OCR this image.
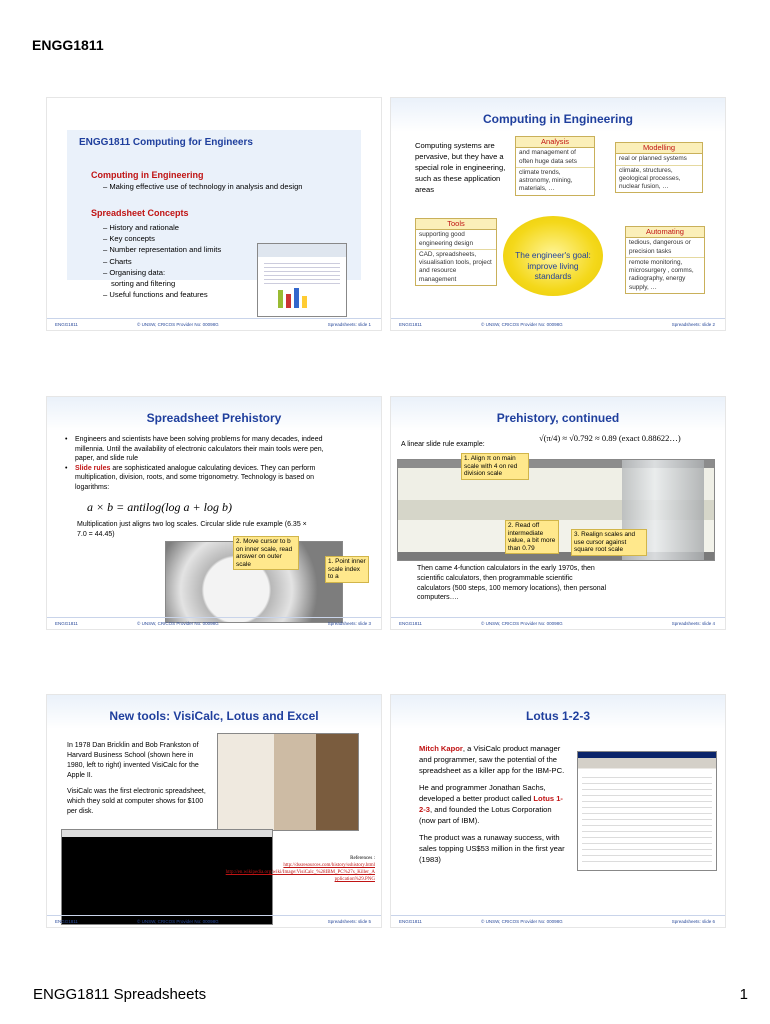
ENGG1811
ENGG1811 Computing for Engineers
Computing in Engineering
– Making effective use of technology in analysis and design
Spreadsheet Concepts
– History and rationale
– Key concepts
– Number representation and limits
– Charts
– Organising data:
sorting and filtering
– Useful functions and features
ENGG1811	© UNSW, CRICOS Provider No: 00098G	Spreadsheets: slide 1
Computing in Engineering
Computing systems are pervasive, but they have a special role in engineering, such as these application areas
The engineer's goal: improve living standards
Analysis
and management of often huge data sets
climate trends, astronomy, mining, materials, …
Modelling
real or planned systems
climate, structures, geological processes, nuclear fusion, …
Tools
supporting good engineering design
CAD, spreadsheets, visualisation tools, project and resource management
Automating
tedious, dangerous or precision tasks
remote monitoring, microsurgery , comms, radiography, energy supply, …
ENGG1811	© UNSW, CRICOS Provider No: 00098G	Spreadsheets: slide 2
Spreadsheet Prehistory
• Engineers and scientists have been solving problems for many decades, indeed millennia. Until the availability of electronic calculators their main tools were pen, paper, and slide rule
• Slide rules are sophisticated analogue calculating devices. They can perform multiplication, division, roots, and some trigonometry. Technology is based on logarithms:
a × b = antilog(log a + log b)
Multiplication just aligns two log scales. Circular slide rule example (6.35 × 7.0 = 44.45)
2. Move cursor to b on inner scale, read answer on outer scale	1. Point inner scale index to a
ENGG1811	© UNSW, CRICOS Provider No: 00098G	Spreadsheets: slide 3
Prehistory, continued
A linear slide rule example:
√(π/4) ≈ √0.792 ≈ 0.89 (exact 0.88622…)
1. Align π on main scale with 4 on red division scale
2. Read off intermediate value, a bit more than 0.79
3. Realign scales and use cursor against square root scale
Then came 4-function calculators in the early 1970s, then scientific calculators, then programmable scientific calculators (500 steps, 100 memory locations), then personal computers….
ENGG1811	© UNSW, CRICOS Provider No: 00098G	Spreadsheets: slide 4
New tools: VisiCalc, Lotus and Excel
In 1978 Dan Bricklin and Bob Frankston of Harvard Business School (shown here in 1980, left to right) invented VisiCalc for the Apple II.
VisiCalc was the first electronic spreadsheet, which they sold at computer shows for $100 per disk.
References :
http://dssresources.com/history/sshistory.html
http://en.wikipedia.org/wiki/Image:VisiCalc_%28IBM_PC%27s_Killer_Application%29.PNG
ENGG1811	© UNSW, CRICOS Provider No: 00098G	Spreadsheets: slide 5
Lotus 1-2-3
Mitch Kapor, a VisiCalc product manager and programmer, saw the potential of the spreadsheet as a killer app for the IBM-PC.
He and programmer Jonathan Sachs, developed a better product called Lotus 1-2-3, and founded the Lotus Corporation (now part of IBM).
The product was a runaway success, with sales topping US$53 million in the first year (1983)
ENGG1811	© UNSW, CRICOS Provider No: 00098G	Spreadsheets: slide 6
ENGG1811 Spreadsheets	1
